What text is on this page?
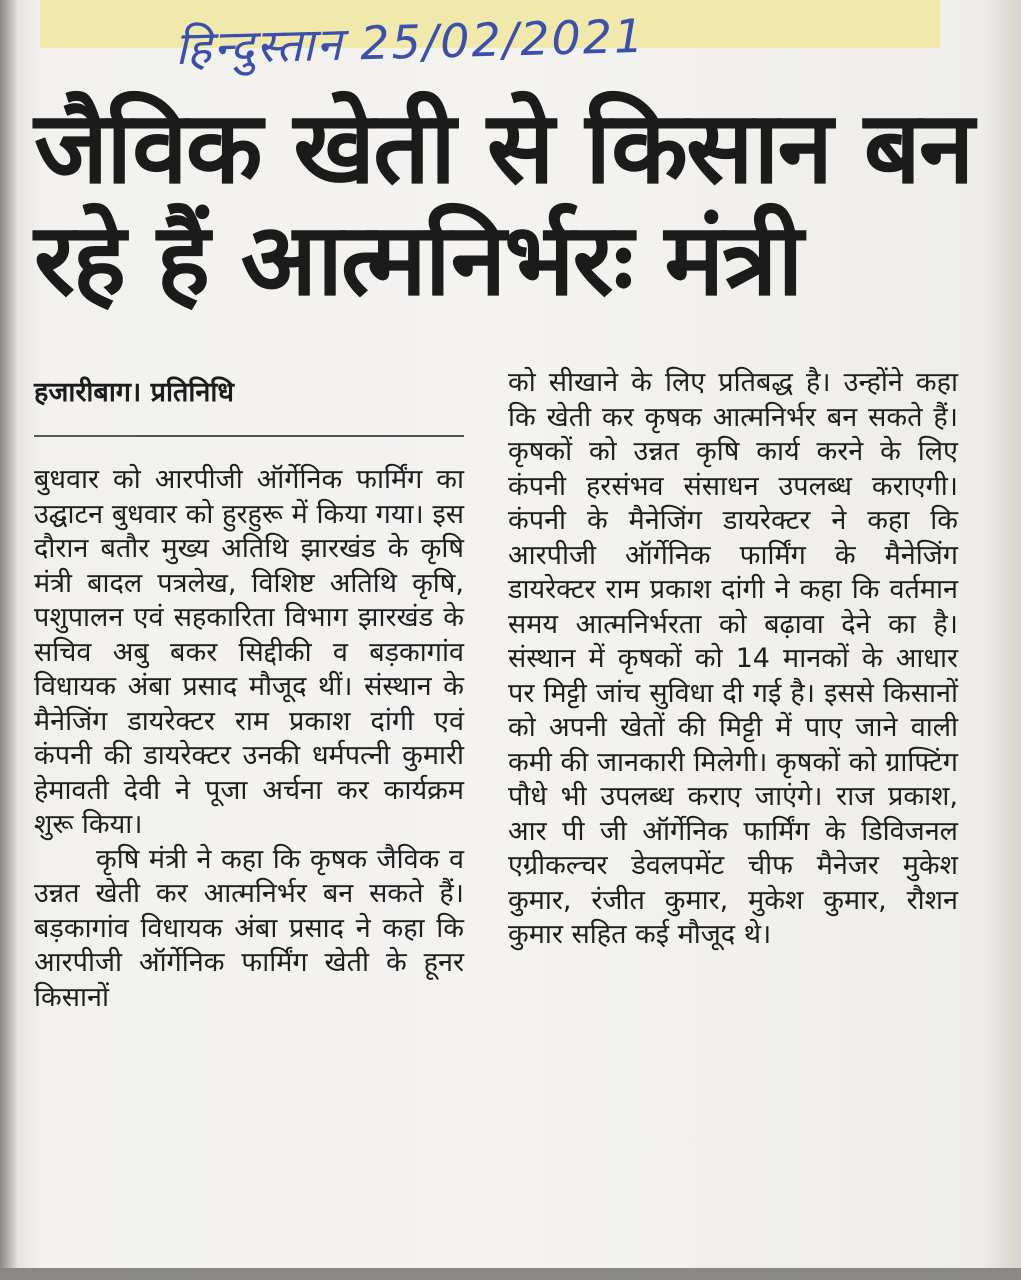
हिन्दुस्तान 25/02/2021
जैविक खेती से किसान बन
रहे हैं आत्मनिर्भरः मंत्री
हजारीबाग। प्रतिनिधि

बुधवार को आरपीजी ऑर्गेनिक फार्मिंग का उद्घाटन बुधवार को हुरहुरू में किया गया। इस दौरान बतौर मुख्य अतिथि झारखंड के कृषि मंत्री बादल पत्रलेख, विशिष्ट अतिथि कृषि, पशुपालन एवं सहकारिता विभाग झारखंड के सचिव अबु बकर सिद्दीकी व बड़कागांव विधायक अंबा प्रसाद मौजूद थीं। संस्थान के मैनेजिंग डायरेक्टर राम प्रकाश दांगी एवं कंपनी की डायरेक्टर उनकी धर्मपत्नी कुमारी हेमावती देवी ने पूजा अर्चना कर कार्यक्रम शुरू किया।

कृषि मंत्री ने कहा कि कृषक जैविक व उन्नत खेती कर आत्मनिर्भर बन सकते हैं। बड़कागांव विधायक अंबा प्रसाद ने कहा कि आरपीजी ऑर्गेनिक फार्मिंग खेती के हूनर किसानों

को सीखाने के लिए प्रतिबद्ध है। उन्होंने कहा कि खेती कर कृषक आत्मनिर्भर बन सकते हैं। कृषकों को उन्नत कृषि कार्य करने के लिए कंपनी हरसंभव संसाधन उपलब्ध कराएगी। कंपनी के मैनेजिंग डायरेक्टर ने कहा कि आरपीजी ऑर्गेनिक फार्मिंग के मैनेजिंग डायरेक्टर राम प्रकाश दांगी ने कहा कि वर्तमान समय आत्मनिर्भरता को बढ़ावा देने का है। संस्थान में कृषकों को 14 मानकों के आधार पर मिट्टी जांच सुविधा दी गई है। इससे किसानों को अपनी खेतों की मिट्टी में पाए जाने वाली कमी की जानकारी मिलेगी। कृषकों को ग्राफ्टिंग पौधे भी उपलब्ध कराए जाएंगे। राज प्रकाश, आर पी जी ऑर्गेनिक फार्मिंग के डिविजनल एग्रीकल्चर डेवलपमेंट चीफ मैनेजर मुकेश कुमार, रंजीत कुमार, मुकेश कुमार, रौशन कुमार सहित कई मौजूद थे।
